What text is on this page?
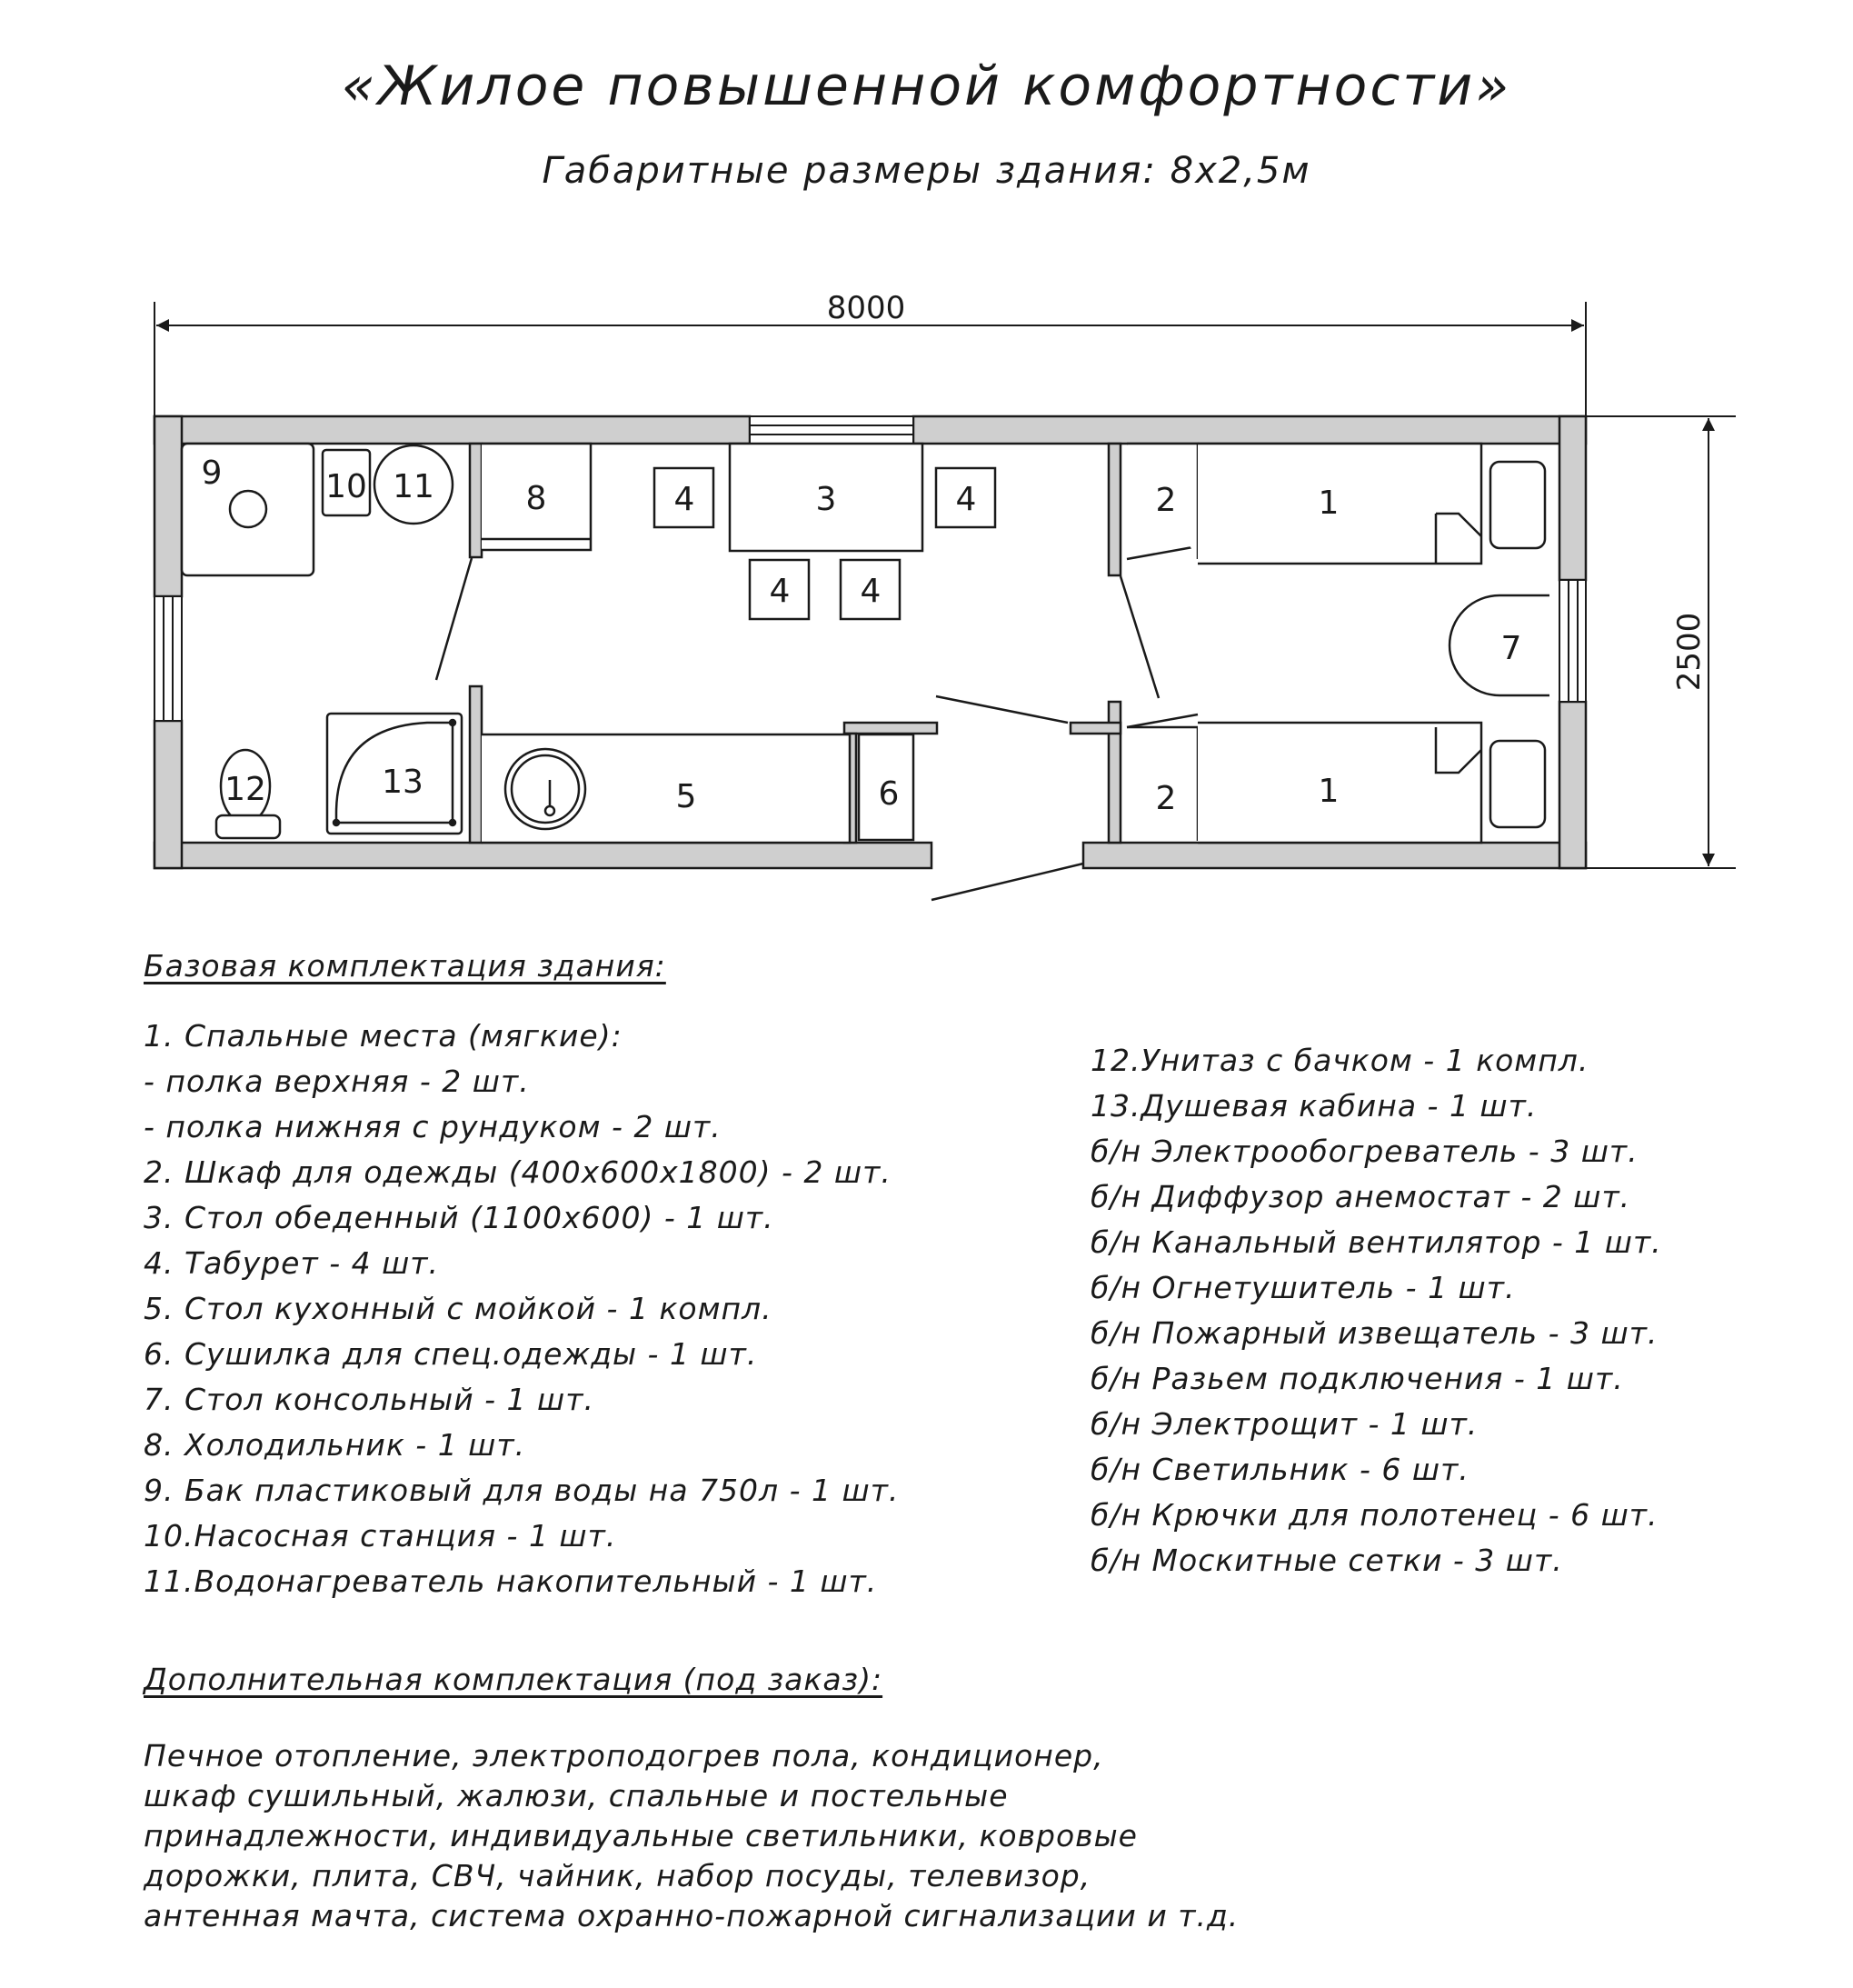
«Жилое повышенной комфортности»
Габаритные размеры здания: 8х2,5м
8000
2500
9	10 11	8	4	3	4
4 4
2	1
7
2	1
5	6
13
12
Базовая комплектация здания:
1. Спальные места (мягкие):
- полка верхняя - 2 шт.
- полка нижняя с рундуком - 2 шт.
2. Шкаф для одежды (400х600х1800) - 2 шт.
3. Стол обеденный (1100х600) - 1 шт.
4. Табурет - 4 шт.
5. Стол кухонный с мойкой - 1 компл.
6. Сушилка для спец.одежды - 1 шт.
7. Стол консольный - 1 шт.
8. Холодильник - 1 шт.
9. Бак пластиковый для воды на 750л - 1 шт.
10.Насосная станция - 1 шт.
11.Водонагреватель накопительный - 1 шт.
12.Унитаз с бачком - 1 компл.
13.Душевая кабина - 1 шт.
б/н Электрообогреватель - 3 шт.
б/н Диффузор анемостат - 2 шт.
б/н Канальный вентилятор - 1 шт.
б/н Огнетушитель - 1 шт.
б/н Пожарный извещатель - 3 шт.
б/н Разьем подключения - 1 шт.
б/н Электрощит - 1 шт.
б/н Светильник - 6 шт.
б/н Крючки для полотенец - 6 шт.
б/н Москитные сетки - 3 шт.
Дополнительная комплектация (под заказ):
Печное отопление, электроподогрев пола, кондиционер,
шкаф сушильный, жалюзи, спальные и постельные
принадлежности, индивидуальные светильники, ковровые
дорожки, плита, СВЧ, чайник, набор посуды, телевизор,
антенная мачта, система охранно-пожарной сигнализации и т.д.
